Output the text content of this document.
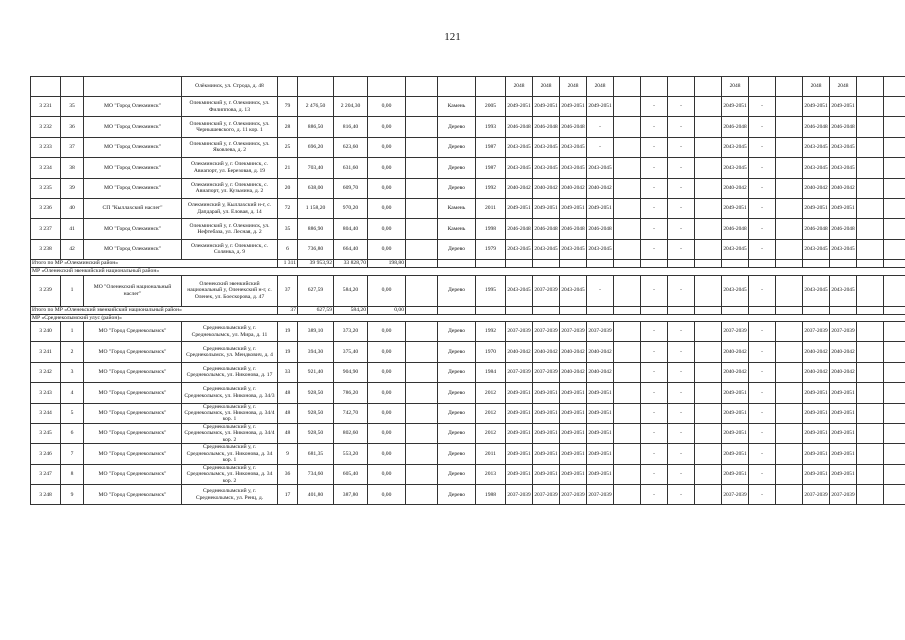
121
			Олёкминск, ул. Строда, д. 48								2048	2048	2048	2048					2048			2048	2048		
3 231	35	МО "Город Олекминск"	Олекминский у, г. Олекминск, ул. Филиппова, д. 13	79	2 476,50	2 204,30	0,00		Камень	2005	2049-2051	2049-2051	2049-2051	2049-2051		-	-		2049-2051	-		2049-2051	2049-2051		
3 232	36	МО "Город Олекминск"	Олекминский у, г. Олекминск, ул. Чернышевского, д. 11 кор. 1	28	886,50	816,40	0,00		Дерево	1993	2046-2048	2046-2048	2046-2048	-		-	-		2046-2048	-		2046-2048	2046-2048		
3 233	37	МО "Город Олекминск"	Олекминский у, г. Олекминск, ул. Яковлева, д. 2	25	696,20	623,60	0,00		Дерево	1987	2043-2045	2043-2045	2043-2045	-		-	-		2043-2045	-		2043-2045	2043-2045		
3 234	38	МО "Город Олекминск"	Олекминский у, г. Олекминск, с. Авиапорт, ул. Березовая, д. 19	21	703,40	631,60	0,00		Дерево	1987	2043-2045	2043-2045	2043-2045	2043-2045		-	-		2043-2045	-		2043-2045	2043-2045		
3 235	39	МО "Город Олекминск"	Олекминский у, г. Олекминск, с. Авиапорт, ул. Кузьмина, д. 2	20	638,00	609,70	0,00		Дерево	1992	2040-2042	2040-2042	2040-2042	2040-2042		-	-		2040-2042	-		2040-2042	2040-2042		
3 236	40	СП "Кыллахский наслег"	Олекминский у, Кыллахский н-г, с. Дапдарай, ул. Еловая, д. 14	72	1 158,20	970,20	0,00		Камень	2011	2049-2051	2049-2051	2049-2051	2049-2051		-	-		2049-2051	-		2049-2051	2049-2051		
3 237	41	МО "Город Олекминск"	Олекминский у, г. Олекминск, ул. Нефтебаза, ул. Лесная, д. 2	35	886,90	804,40	0,00		Камень	1998	2046-2048	2046-2048	2046-2048	2046-2048		-	-		2046-2048	-		2046-2048	2046-2048		
3 238	42	МО "Город Олекминск"	Олекминский у, г. Олекминск, с. Солянка, д. 9	6	736,80	664,40	0,00		Дерево	1979	2043-2045	2043-2045	2043-2045	2043-2045		-	-		2043-2045	-		2043-2045	2043-2045		
Итого по МР «Олекминский район»				1 311	39 953,92	33 828,70	198,80																		
МР «Оленекский эвенкийский национальный район»																									
3 239	1	МО "Оленекский национальный наслег"	Оленекский эвенкийский национальный у, Оленекский н-г, с. Оленек, ул. Боескорова, д. 47	37	627,59	584,20	0,00		Дерево	1995	2043-2045	2037-2039	2043-2045	-		-	-		2043-2045	-		2043-2045	2043-2045		
Итого по МР «Оленекский эвенкийский национальный район»				37	627,59	584,20	0,00																		
МР «Среднеколымский улус (район)»																									
3 240	1	МО "Город Среднеколымск"	Среднеколымский у, г. Среднеколымск, ул. Мира, д. 11	19	389,10	373,20	0,00		Дерево	1992	2037-2039	2037-2039	2037-2039	2037-2039		-	-		2037-2039	-		2037-2039	2037-2039		
3 241	2	МО "Город Среднеколымск"	Среднеколымский у, г. Среднеколымск, ул. Мендкович, д. 4	19	394,30	375,40	0,00		Дерево	1970	2040-2042	2040-2042	2040-2042	2040-2042		-	-		2040-2042	-		2040-2042	2040-2042		
3 242	3	МО "Город Среднеколымск"	Среднеколымский у, г. Среднеколымск, ул. Никонова, д. 17	33	921,40	904,90	0,00		Дерево	1984	2037-2039	2037-2039	2040-2042	2040-2042		-	-		2040-2042	-		2040-2042	2040-2042		
3 243	4	МО "Город Среднеколымск"	Среднеколымский у, г. Среднеколымск, ул. Никонова, д. 34/3	48	928,50	786,20	0,00		Дерево	2012	2049-2051	2049-2051	2049-2051	2049-2051		-	-		2049-2051	-		2049-2051	2049-2051		
3 244	5	МО "Город Среднеколымск"	Среднеколымский у, г. Среднеколымск, ул. Никонова, д. 34/4 кор. 1	48	928,50	742,70	0,00		Дерево	2012	2049-2051	2049-2051	2049-2051	2049-2051		-	-		2049-2051	-		2049-2051	2049-2051		
3 245	6	МО "Город Среднеколымск"	Среднеколымский у, г. Среднеколымск, ул. Никонова, д. 34/4 кор. 2	48	928,50	802,60	0,00		Дерево	2012	2049-2051	2049-2051	2049-2051	2049-2051		-	-		2049-2051	-		2049-2051	2049-2051		
3 246	7	МО "Город Среднеколымск"	Среднеколымский у, г. Среднеколымск, ул. Никонова, д. 34 кор. 1	9	681,35	553,20	0,00		Дерево	2011	2049-2051	2049-2051	2049-2051	2049-2051		-	-		2049-2051	-		2049-2051	2049-2051		
3 247	8	МО "Город Среднеколымск"	Среднеколымский у, г. Среднеколымск, ул. Никонова, д. 34 кор. 2	36	734,60	605,40	0,00		Дерево	2013	2049-2051	2049-2051	2049-2051	2049-2051		-	-		2049-2051	-		2049-2051	2049-2051		
3 248	9	МО "Город Среднеколымск"	Среднеколымский у, г. Среднеколымск, ул. Ренц, д.	17	401,80	387,80	0,00		Дерево	1988	2037-2039	2037-2039	2037-2039	2037-2039		-	-		2037-2039	-		2037-2039	2037-2039		
